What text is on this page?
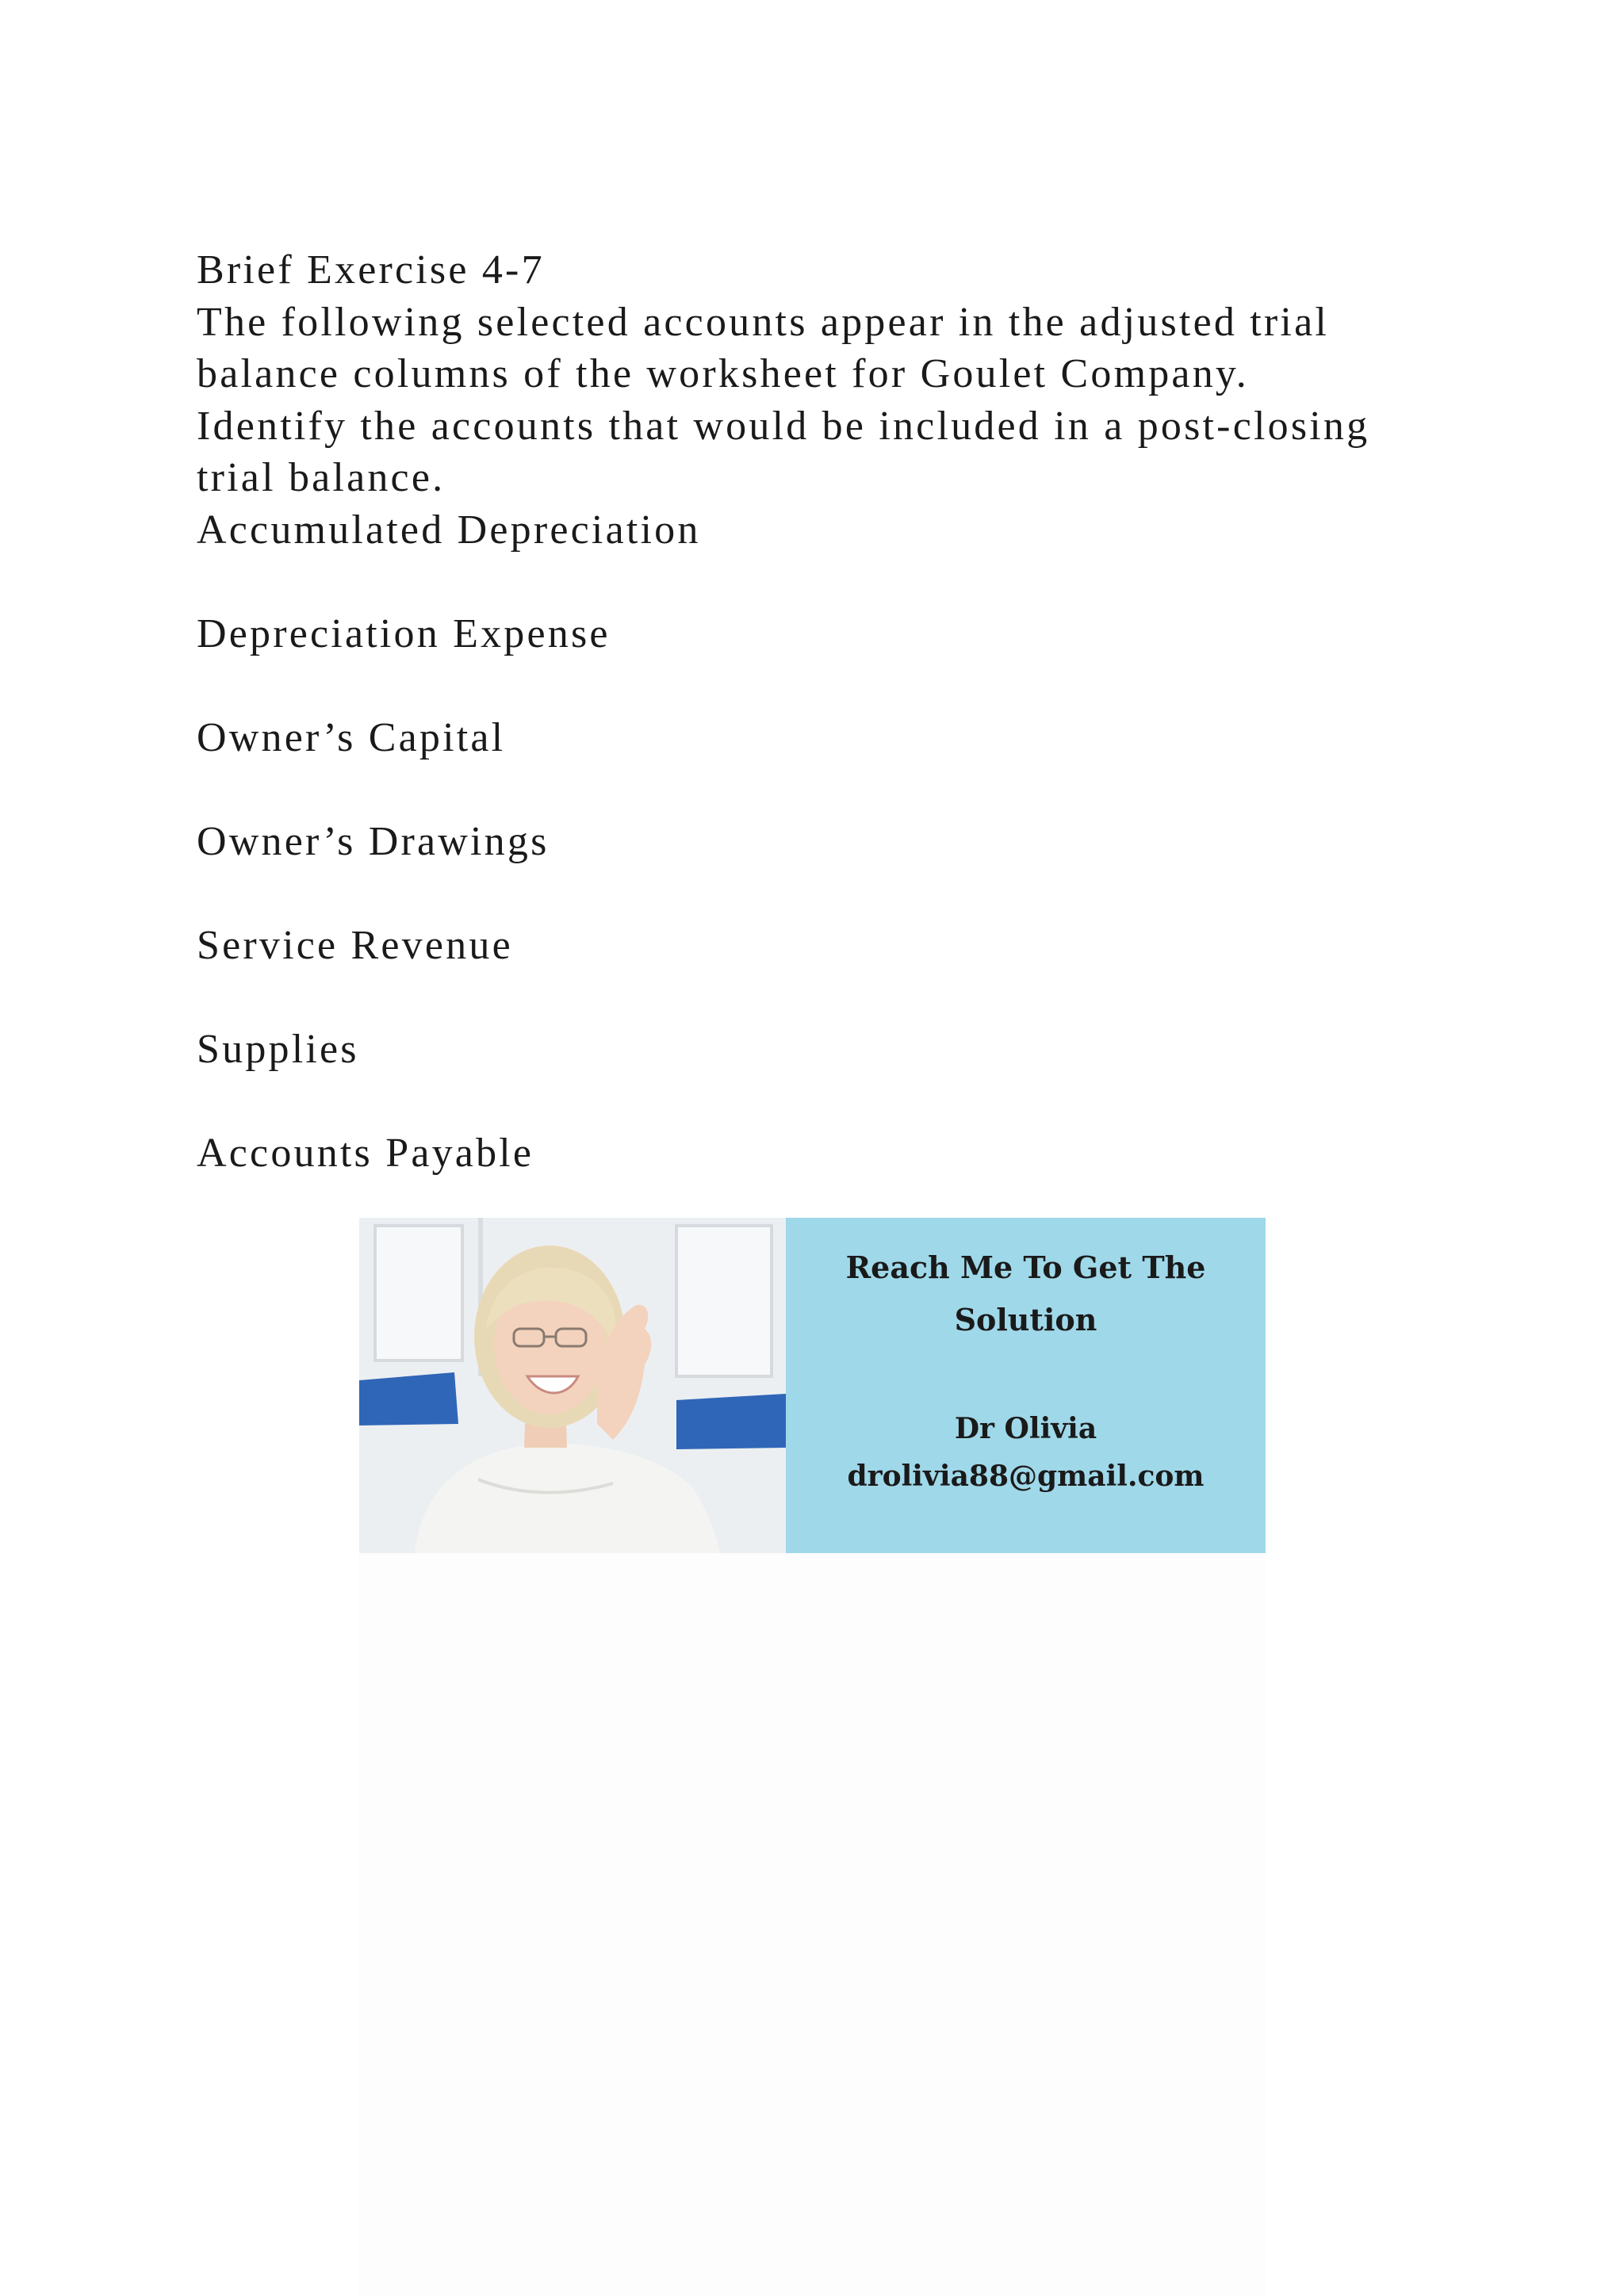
Brief Exercise 4-7
The following selected accounts appear in the adjusted trial
balance columns of the worksheet for Goulet Company.
Identify the accounts that would be included in a post-closing
trial balance.
Accumulated Depreciation
Depreciation Expense
Owner’s Capital
Owner’s Drawings
Service Revenue
Supplies
Accounts Payable
Reach Me To Get The
Solution
Dr Olivia
drolivia88@gmail.com
